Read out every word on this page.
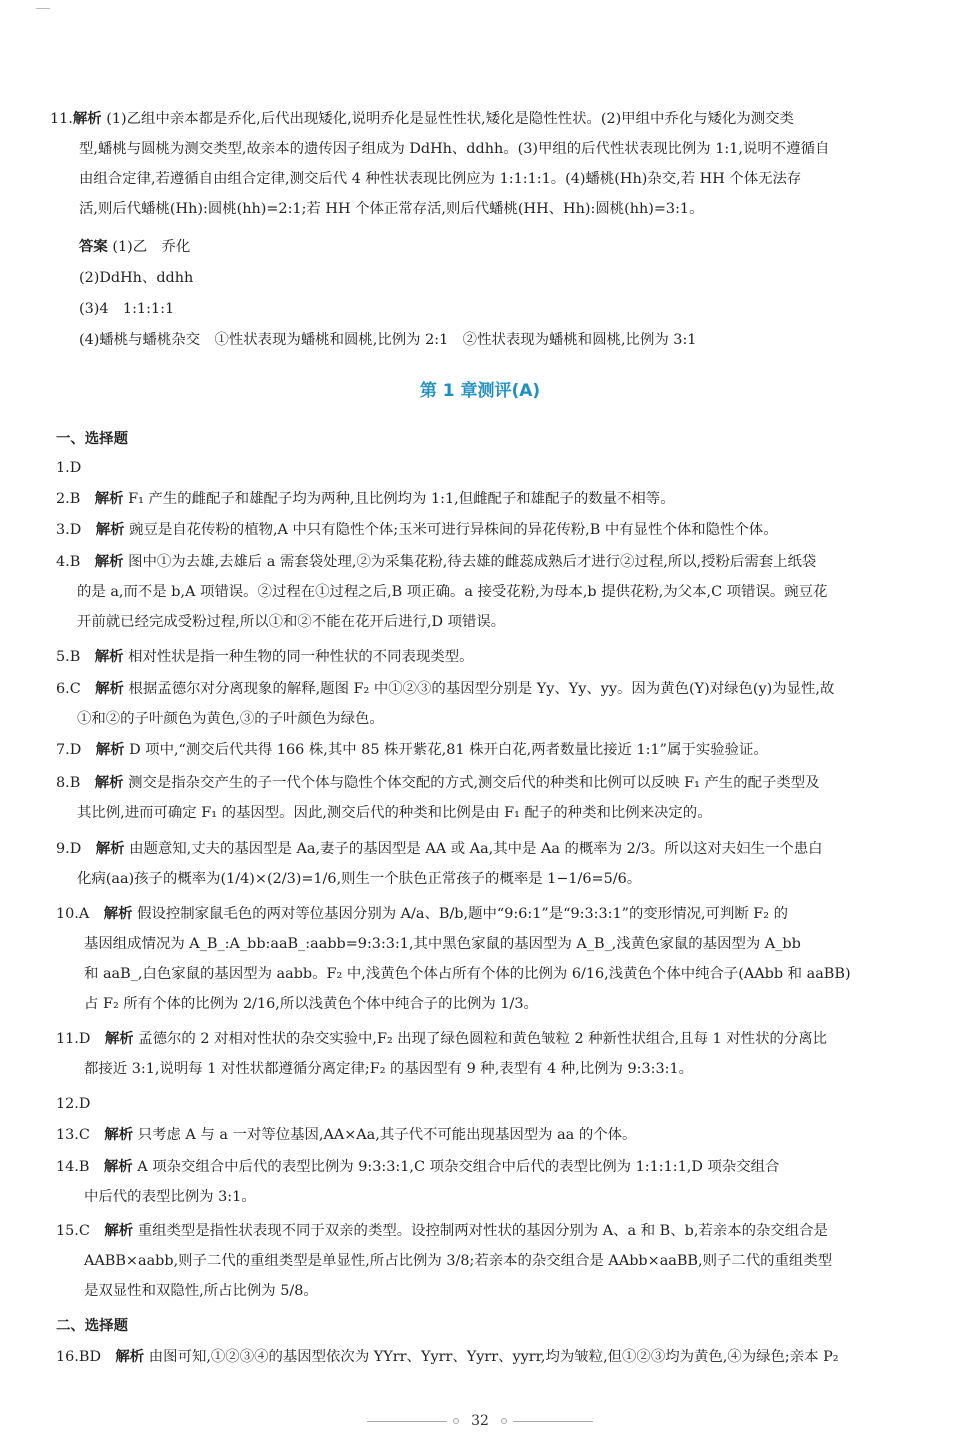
11.解析 (1)乙组中亲本都是乔化,后代出现矮化,说明乔化是显性性状,矮化是隐性性状。(2)甲组中乔化与矮化为测交类
型,蟠桃与圆桃为测交类型,故亲本的遗传因子组成为 DdHh、ddhh。(3)甲组的后代性状表现比例为 1:1,说明不遵循自
由组合定律,若遵循自由组合定律,测交后代 4 种性状表现比例应为 1:1:1:1。(4)蟠桃(Hh)杂交,若 HH 个体无法存
活,则后代蟠桃(Hh):圆桃(hh)=2:1;若 HH 个体正常存活,则后代蟠桃(HH、Hh):圆桃(hh)=3:1。
答案 (1)乙　乔化
(2)DdHh、ddhh
(3)4　1:1:1:1
(4)蟠桃与蟠桃杂交　①性状表现为蟠桃和圆桃,比例为 2:1　②性状表现为蟠桃和圆桃,比例为 3:1
第 1 章测评(A)
一、选择题
1.D
2.B　 解析 F₁ 产生的雌配子和雄配子均为两种,且比例均为 1:1,但雌配子和雄配子的数量不相等。
3.D　 解析 豌豆是自花传粉的植物,A 中只有隐性个体;玉米可进行异株间的异花传粉,B 中有显性个体和隐性个体。
4.B　 解析 图中①为去雄,去雄后 a 需套袋处理,②为采集花粉,待去雄的雌蕊成熟后才进行②过程,所以,授粉后需套上纸袋
的是 a,而不是 b,A 项错误。②过程在①过程之后,B 项正确。a 接受花粉,为母本,b 提供花粉,为父本,C 项错误。豌豆花
开前就已经完成受粉过程,所以①和②不能在花开后进行,D 项错误。
5.B　 解析 相对性状是指一种生物的同一种性状的不同表现类型。
6.C　 解析 根据孟德尔对分离现象的解释,题图 F₂ 中①②③的基因型分别是 Yy、Yy、yy。因为黄色(Y)对绿色(y)为显性,故
①和②的子叶颜色为黄色,③的子叶颜色为绿色。
7.D　 解析 D 项中,“测交后代共得 166 株,其中 85 株开紫花,81 株开白花,两者数量比接近 1:1”属于实验验证。
8.B　 解析 测交是指杂交产生的子一代个体与隐性个体交配的方式,测交后代的种类和比例可以反映 F₁ 产生的配子类型及
其比例,进而可确定 F₁ 的基因型。因此,测交后代的种类和比例是由 F₁ 配子的种类和比例来决定的。
9.D　 解析 由题意知,丈夫的基因型是 Aa,妻子的基因型是 AA 或 Aa,其中是 Aa 的概率为 2/3。所以这对夫妇生一个患白
化病(aa)孩子的概率为(1/4)×(2/3)=1/6,则生一个肤色正常孩子的概率是 1−1/6=5/6。
10.A　 解析 假设控制家鼠毛色的两对等位基因分别为 A/a、B/b,题中“9:6:1”是“9:3:3:1”的变形情况,可判断 F₂ 的
基因组成情况为 A_B_:A_bb:aaB_:aabb=9:3:3:1,其中黑色家鼠的基因型为 A_B_,浅黄色家鼠的基因型为 A_bb
和 aaB_,白色家鼠的基因型为 aabb。F₂ 中,浅黄色个体占所有个体的比例为 6/16,浅黄色个体中纯合子(AAbb 和 aaBB)
占 F₂ 所有个体的比例为 2/16,所以浅黄色个体中纯合子的比例为 1/3。
11.D　 解析 孟德尔的 2 对相对性状的杂交实验中,F₂ 出现了绿色圆粒和黄色皱粒 2 种新性状组合,且每 1 对性状的分离比
都接近 3:1,说明每 1 对性状都遵循分离定律;F₂ 的基因型有 9 种,表型有 4 种,比例为 9:3:3:1。
12.D
13.C　 解析 只考虑 A 与 a 一对等位基因,AA×Aa,其子代不可能出现基因型为 aa 的个体。
14.B　 解析 A 项杂交组合中后代的表型比例为 9:3:3:1,C 项杂交组合中后代的表型比例为 1:1:1:1,D 项杂交组合
中后代的表型比例为 3:1。
15.C　 解析 重组类型是指性状表现不同于双亲的类型。设控制两对性状的基因分别为 A、a 和 B、b,若亲本的杂交组合是
AABB×aabb,则子二代的重组类型是单显性,所占比例为 3/8;若亲本的杂交组合是 AAbb×aaBB,则子二代的重组类型
是双显性和双隐性,所占比例为 5/8。
二、选择题
16.BD　 解析 由图可知,①②③④的基因型依次为 YYrr、Yyrr、Yyrr、yyrr,均为皱粒,但①②③均为黄色,④为绿色;亲本 P₂
32
